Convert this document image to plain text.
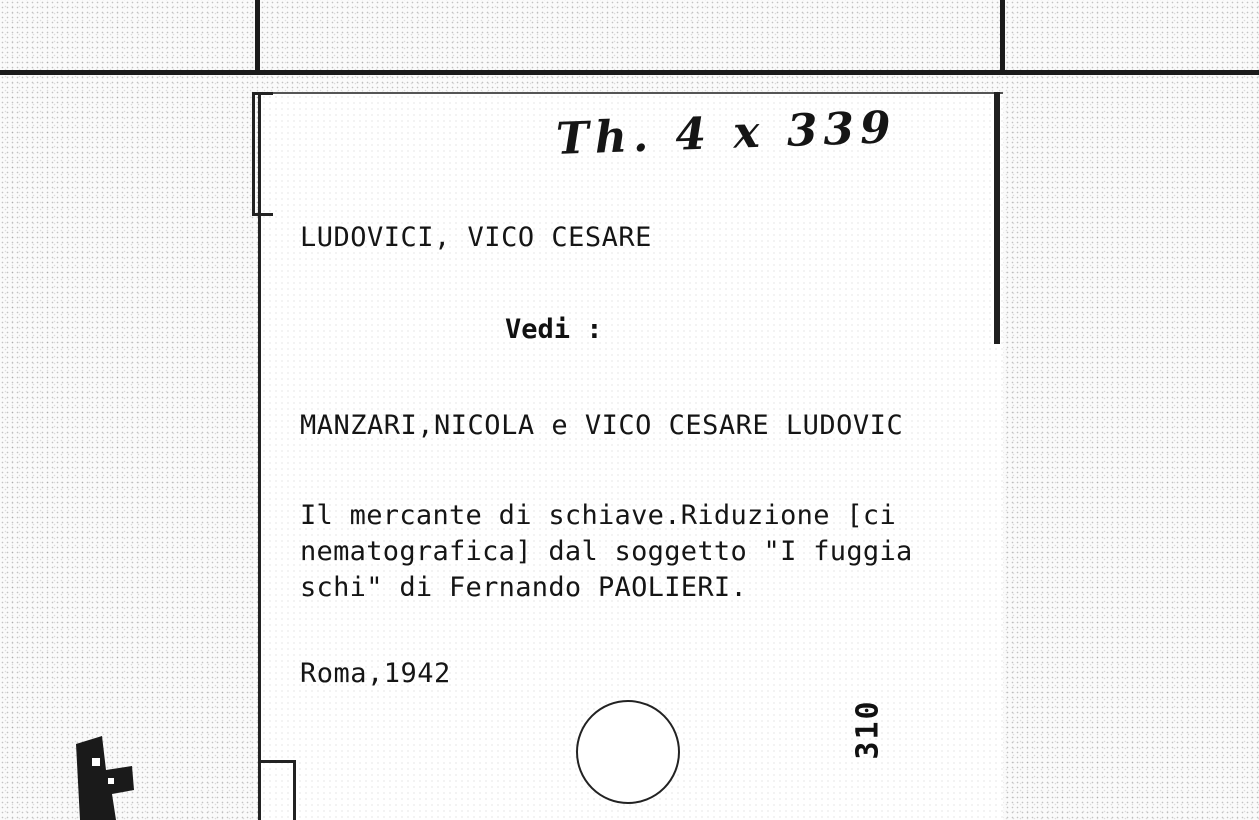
Th. 4 x 339
LUDOVICI, VICO CESARE
Vedi :
MANZARI,NICOLA e VICO CESARE LUDOVIC
Il mercante di schiave.Riduzione [ci
nematografica] dal soggetto "I fuggia
schi" di Fernando PAOLIERI.
Roma,1942
310
